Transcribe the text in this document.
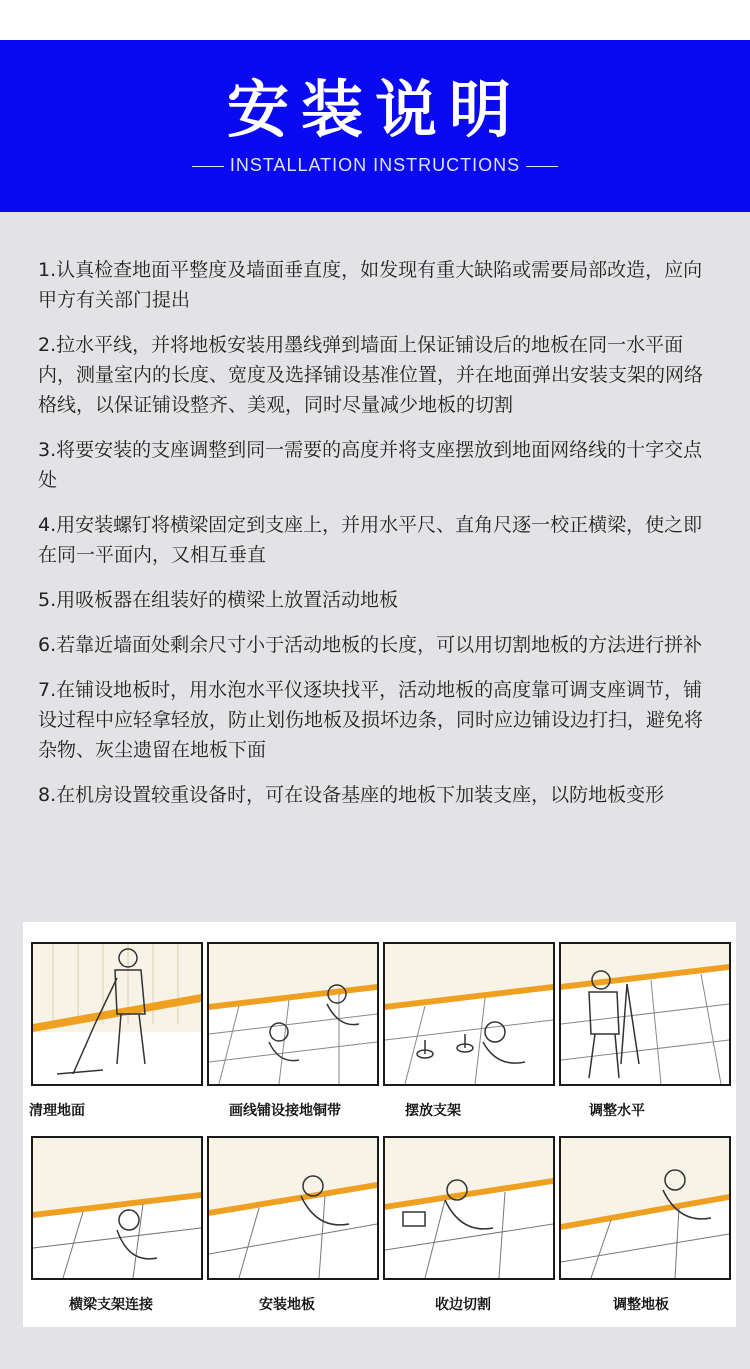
安装说明
INSTALLATION INSTRUCTIONS

1.认真检查地面平整度及墙面垂直度，如发现有重大缺陷或需要局部改造，应向甲方有关部门提出

2.拉水平线，并将地板安装用墨线弹到墙面上保证铺设后的地板在同一水平面内，测量室内的长度、宽度及选择铺设基准位置，并在地面弹出安装支架的网络格线，以保证铺设整齐、美观，同时尽量减少地板的切割

3.将要安装的支座调整到同一需要的高度并将支座摆放到地面网络线的十字交点处

4.用安装螺钉将横梁固定到支座上，并用水平尺、直角尺逐一校正横梁，使之即在同一平面内，又相互垂直

5.用吸板器在组装好的横梁上放置活动地板

6.若靠近墙面处剩余尺寸小于活动地板的长度，可以用切割地板的方法进行拼补

7.在铺设地板时，用水泡水平仪逐块找平，活动地板的高度靠可调支座调节，铺设过程中应轻拿轻放，防止划伤地板及损坏边条，同时应边铺设边打扫，避免将杂物、灰尘遗留在地板下面

8.在机房设置较重设备时，可在设备基座的地板下加装支座，以防地板变形

清理地面	画线铺设接地铜带	摆放支架	调整水平
横梁支架连接	安装地板	收边切割	调整地板
